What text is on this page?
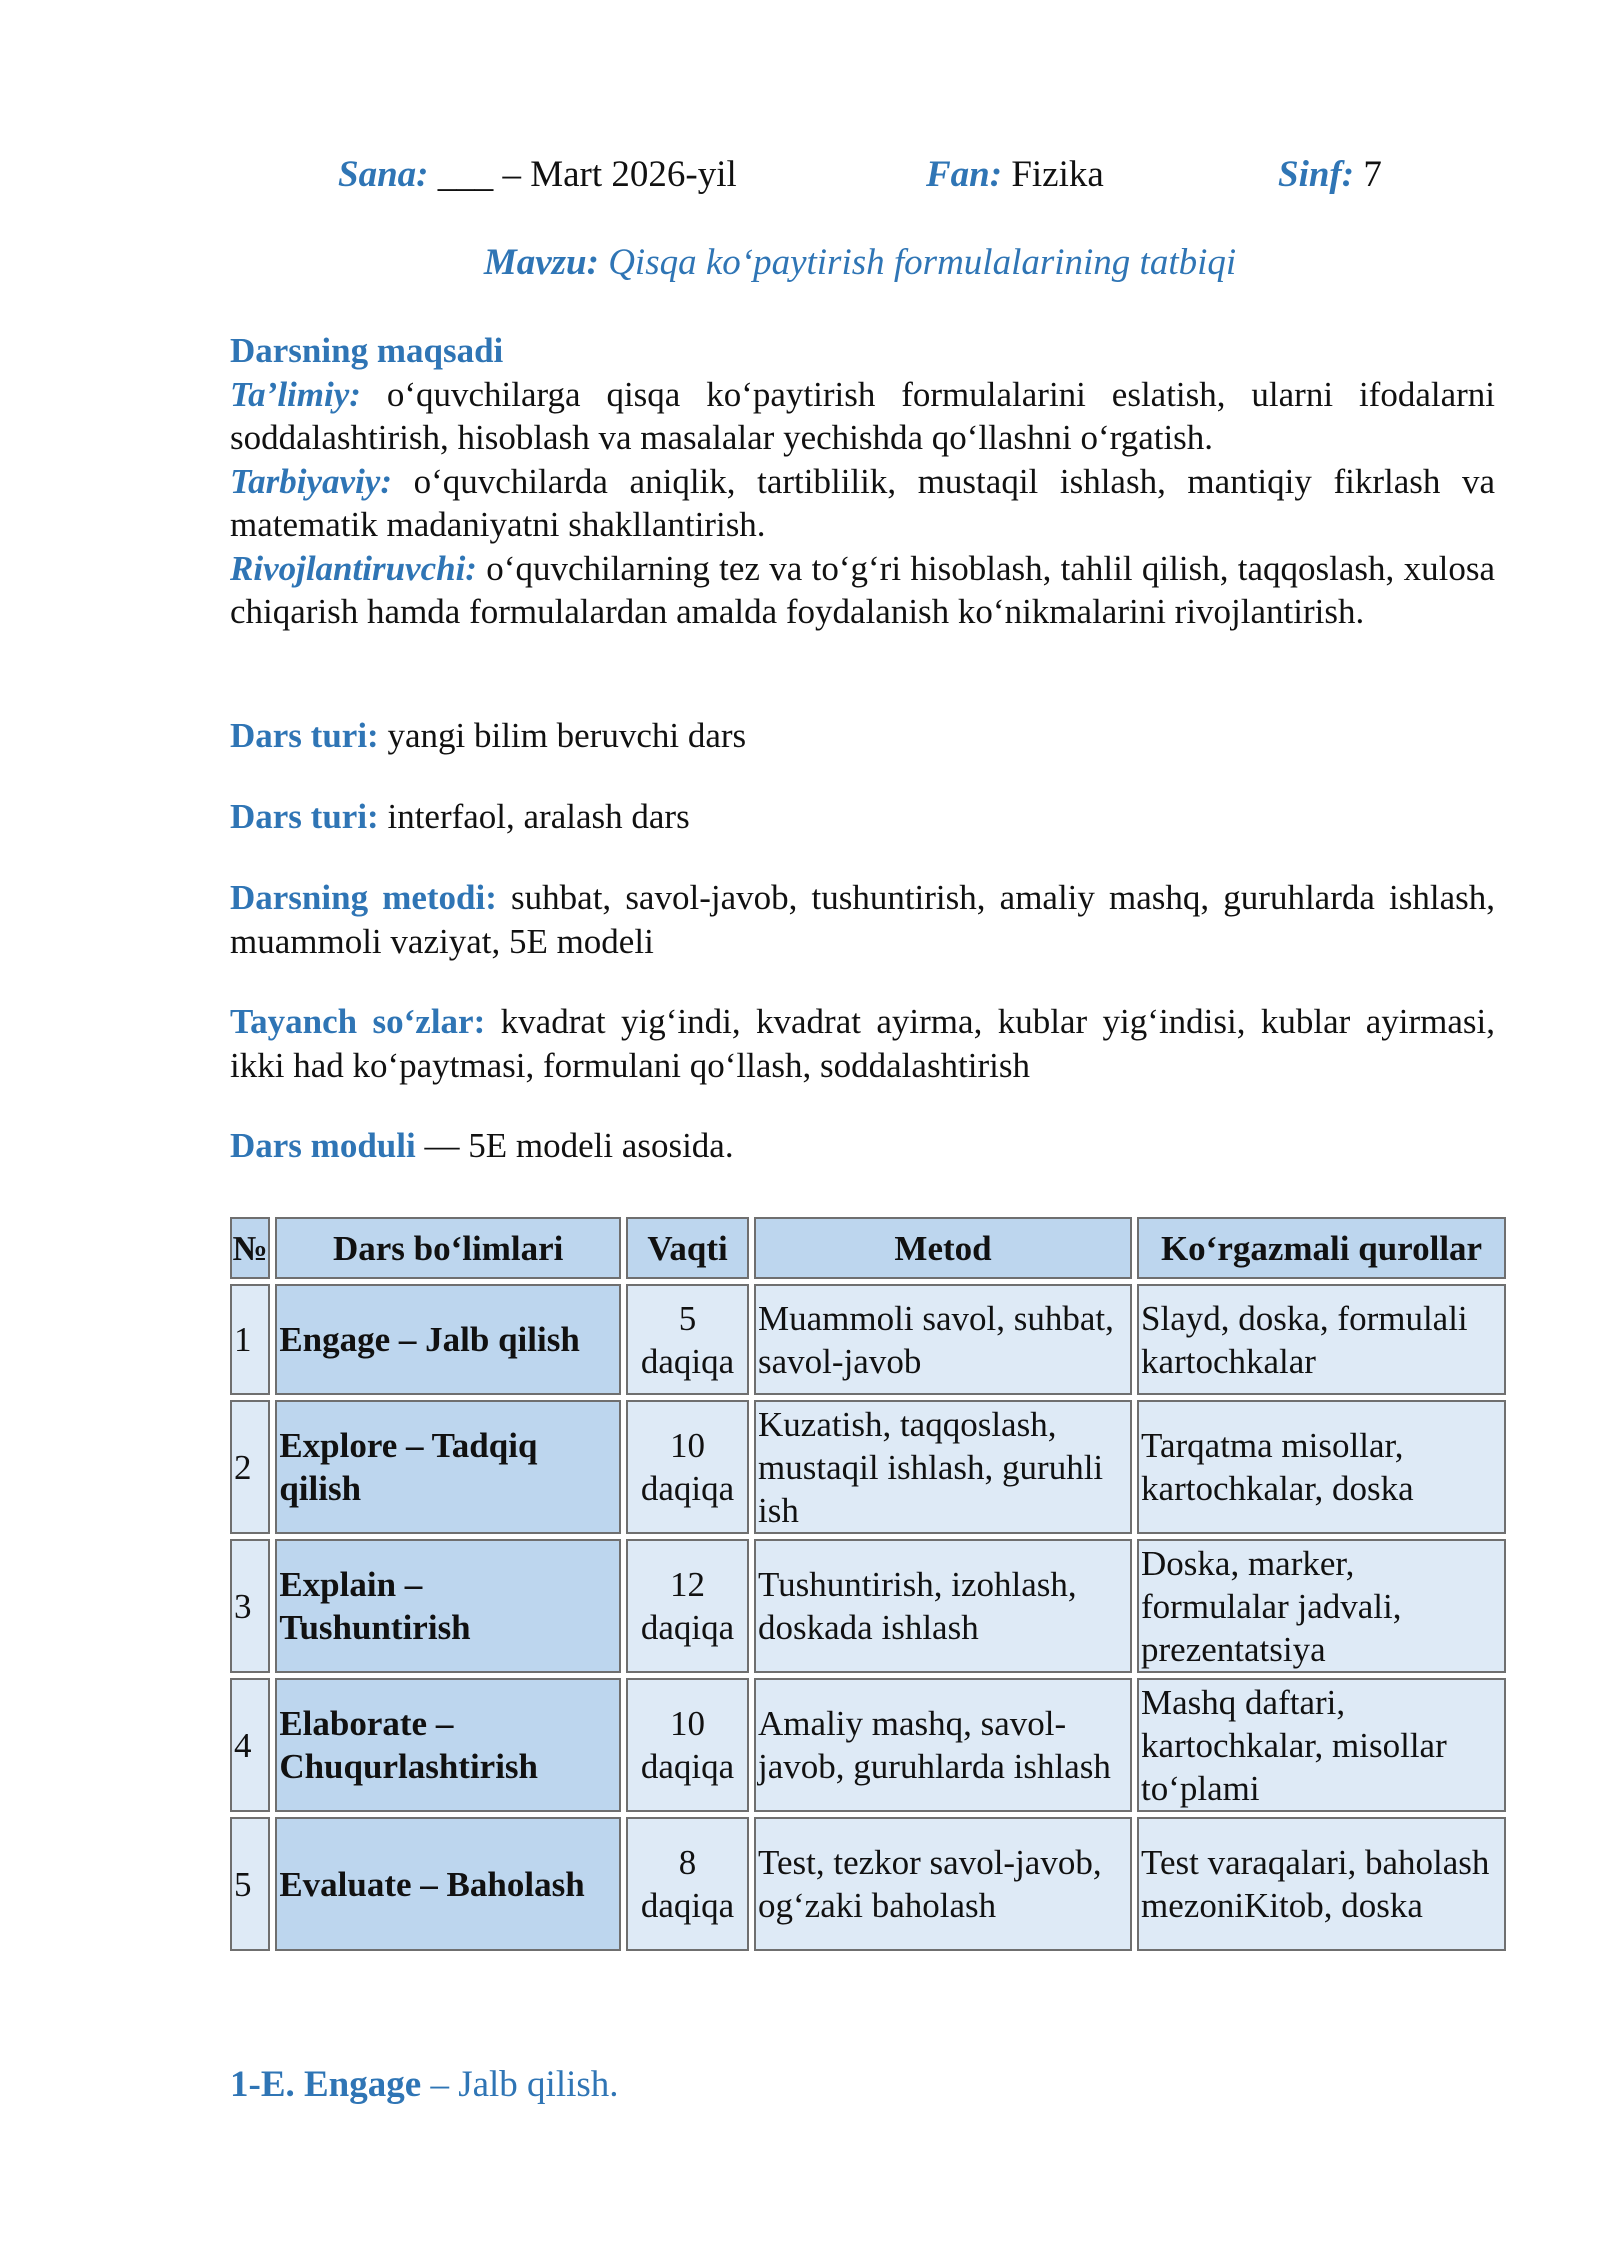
Sana: ___ – Mart 2026-yil	Fan: Fizika	Sinf: 7
Mavzu: Qisqa ko‘paytirish formulalarining tatbiqi

Darsning maqsadi

Ta’limiy: o‘quvchilarga qisqa ko‘paytirish formulalarini eslatish, ularni ifodalarni soddalashtirish, hisoblash va masalalar yechishda qo‘llashni o‘rgatish.

Tarbiyaviy: o‘quvchilarda aniqlik, tartiblilik, mustaqil ishlash, mantiqiy fikrlash va matematik madaniyatni shakllantirish.

Rivojlantiruvchi: o‘quvchilarning tez va to‘g‘ri hisoblash, tahlil qilish, taqqoslash, xulosa chiqarish hamda formulalardan amalda foydalanish ko‘nikmalarini rivojlantirish.

Dars turi: yangi bilim beruvchi dars
Dars turi: interfaol, aralash dars
Darsning metodi: suhbat, savol-javob, tushuntirish, amaliy mashq, guruhlarda ishlash, muammoli vaziyat, 5E modeli
Tayanch so‘zlar: kvadrat yig‘indi, kvadrat ayirma, kublar yig‘indisi, kublar ayirmasi, ikki had ko‘paytmasi, formulani qo‘llash, soddalashtirish
Dars moduli — 5E modeli asosida.
№	Dars bo‘limlari	Vaqti	Metod	Ko‘rgazmali qurollar
1	Engage – Jalb qilish	5 daqiqa	Muammoli savol, suhbat, savol-javob	Slayd, doska, formulali kartochkalar
2	Explore – Tadqiq qilish	10 daqiqa	Kuzatish, taqqoslash, mustaqil ishlash, guruhli ish	Tarqatma misollar, kartochkalar, doska
3	Explain – Tushuntirish	12 daqiqa	Tushuntirish, izohlash, doskada ishlash	Doska, marker, formulalar jadvali, prezentatsiya
4	Elaborate – Chuqurlashtirish	10 daqiqa	Amaliy mashq, savol-javob, guruhlarda ishlash	Mashq daftari, kartochkalar, misollar to‘plami
5	Evaluate – Baholash	8 daqiqa	Test, tezkor savol-javob, og‘zaki baholash	Test varaqalari, baholash mezoniKitob, doska
1-E. Engage – Jalb qilish.
